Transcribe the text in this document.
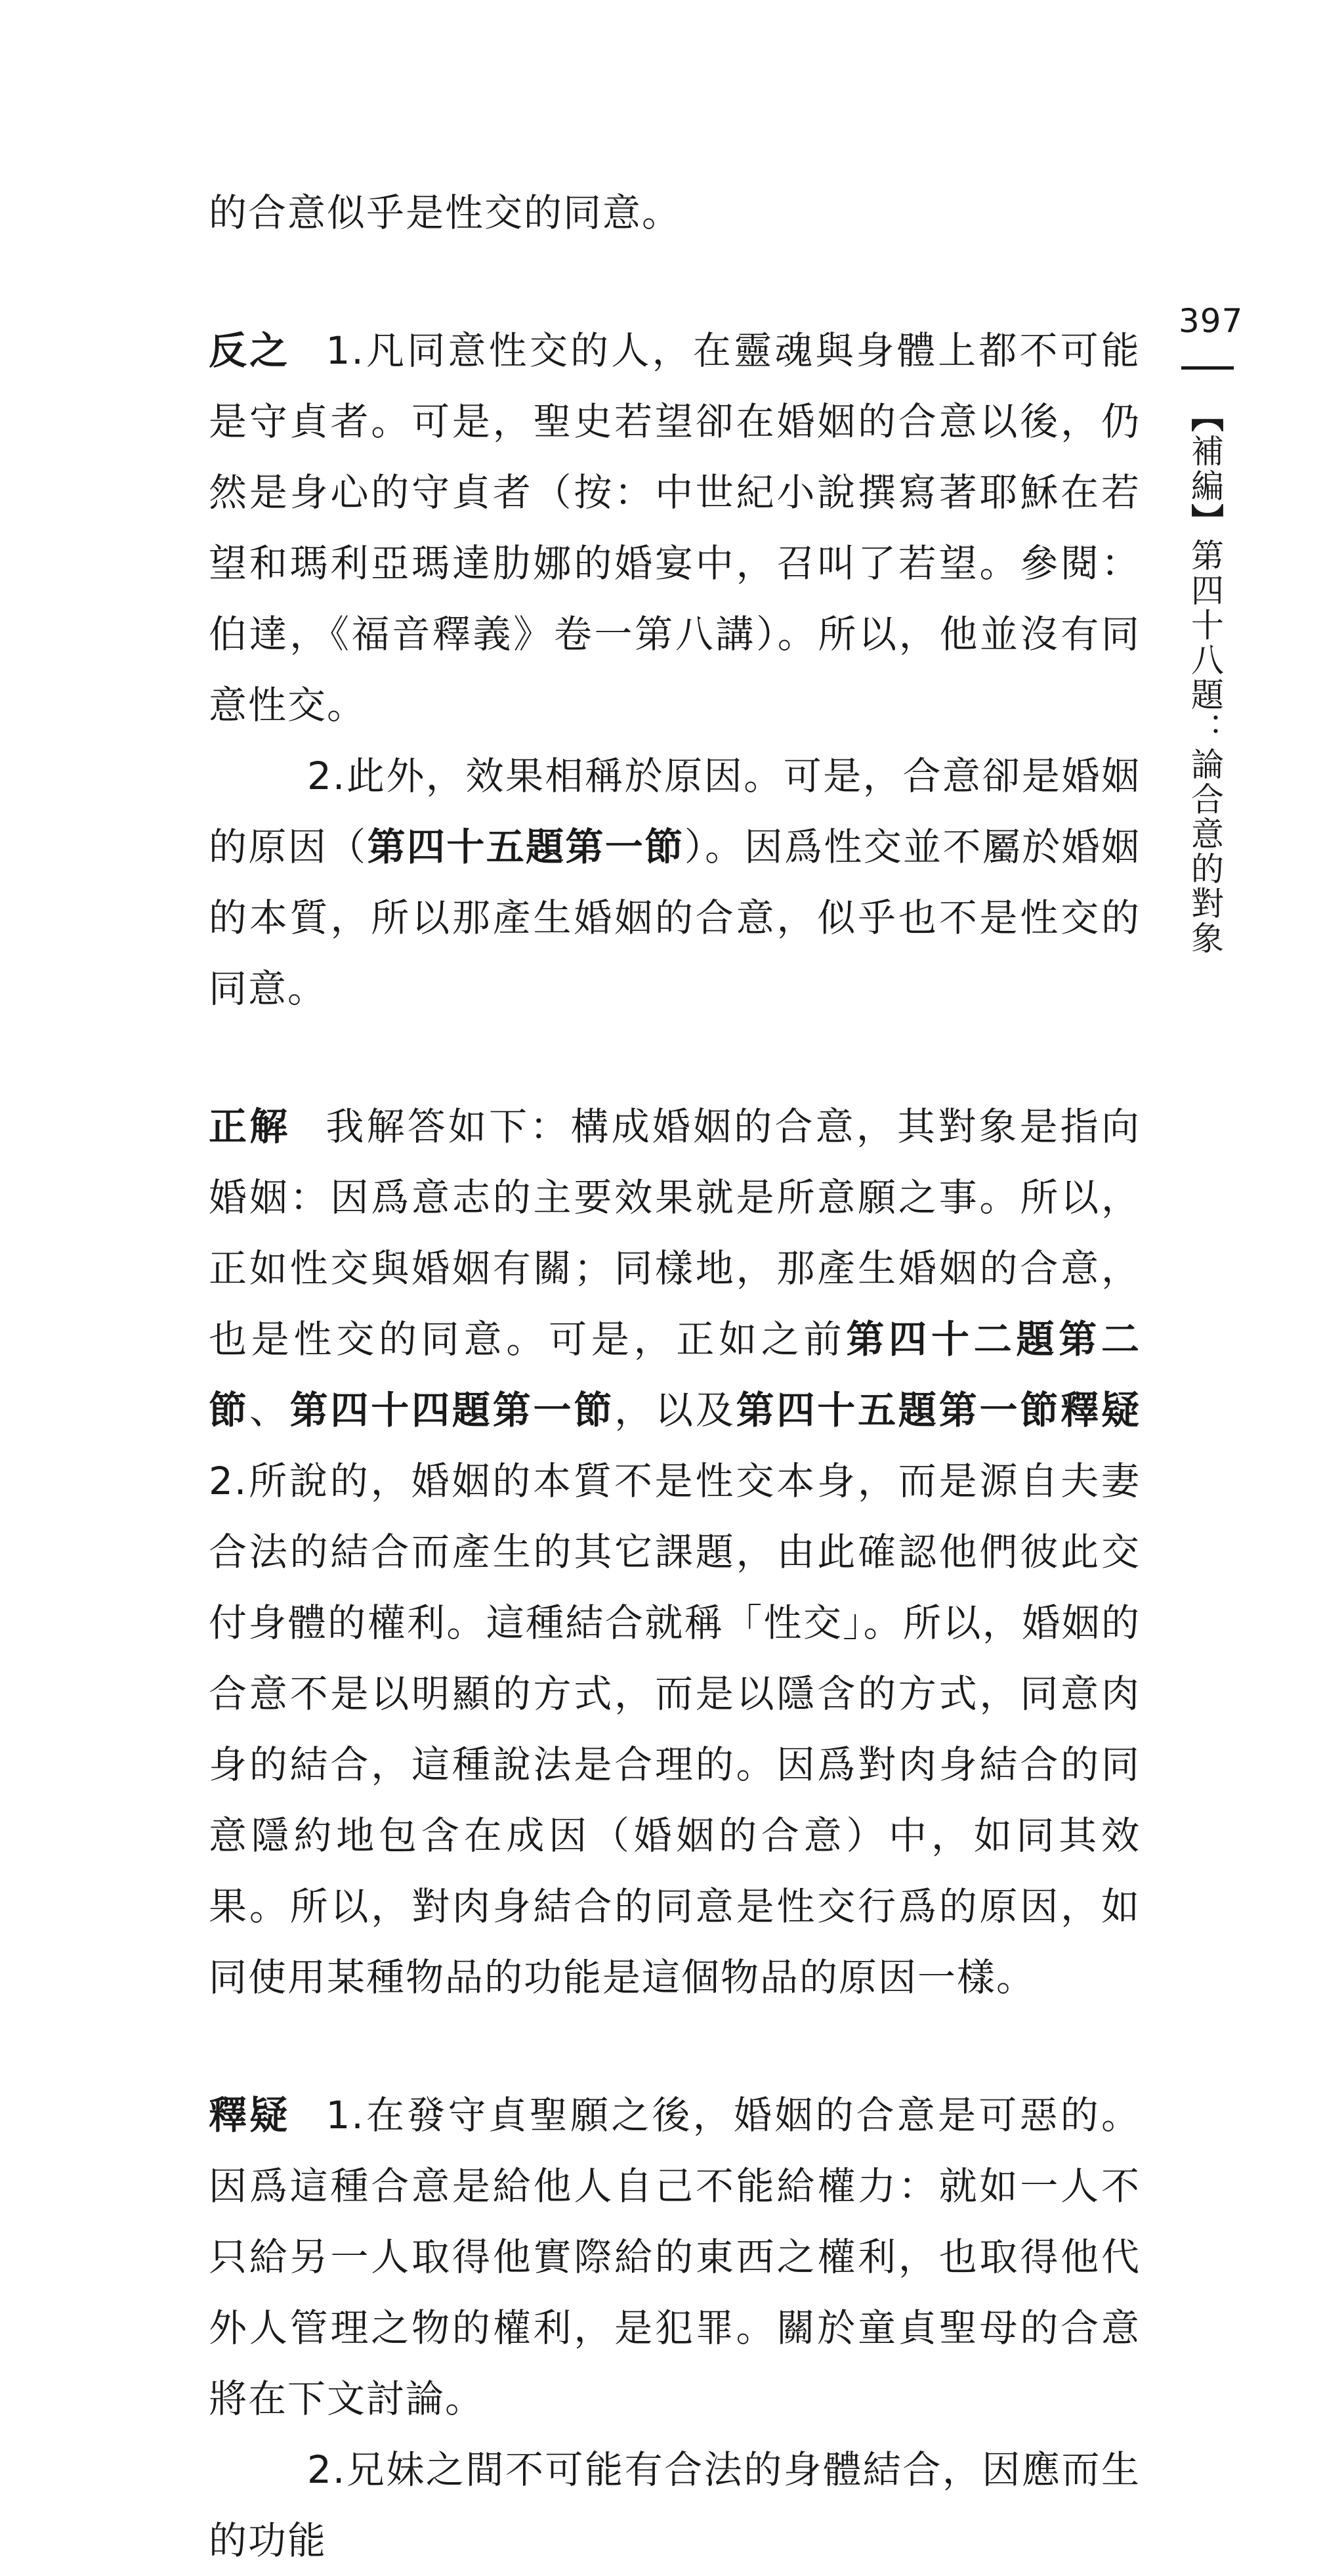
的合意似乎是性交的同意。

反之 1.凡同意性交的人，在靈魂與身體上都不可能是守貞者。可是，聖史若望卻在婚姻的合意以後，仍然是身心的守貞者（按：中世紀小說撰寫著耶穌在若望和瑪利亞瑪達肋娜的婚宴中，召叫了若望。參閱：伯達，《福音釋義》卷一第八講）。所以，他並沒有同意性交。

2.此外，效果相稱於原因。可是，合意卻是婚姻的原因（第四十五題第一節）。因爲性交並不屬於婚姻的本質，所以那產生婚姻的合意，似乎也不是性交的同意。

正解 我解答如下：構成婚姻的合意，其對象是指向婚姻：因爲意志的主要效果就是所意願之事。所以，正如性交與婚姻有關；同樣地，那產生婚姻的合意，也是性交的同意。可是，正如之前第四十二題第二節、第四十四題第一節，以及第四十五題第一節釋疑2.所說的，婚姻的本質不是性交本身，而是源自夫妻合法的結合而產生的其它課題，由此確認他們彼此交付身體的權利。這種結合就稱「性交」。所以，婚姻的合意不是以明顯的方式，而是以隱含的方式，同意肉身的結合，這種說法是合理的。因爲對肉身結合的同意隱約地包含在成因（婚姻的合意）中，如同其效果。所以，對肉身結合的同意是性交行爲的原因，如同使用某種物品的功能是這個物品的原因一樣。

釋疑 1.在發守貞聖願之後，婚姻的合意是可惡的。因爲這種合意是給他人自己不能給權力：就如一人不只給另一人取得他實際給的東西之權利，也取得他代外人管理之物的權利，是犯罪。關於童貞聖母的合意將在下文討論。

2.兄妹之間不可能有合法的身體結合，因應而生的功能

397
【補編】第四十八題：論合意的對象
